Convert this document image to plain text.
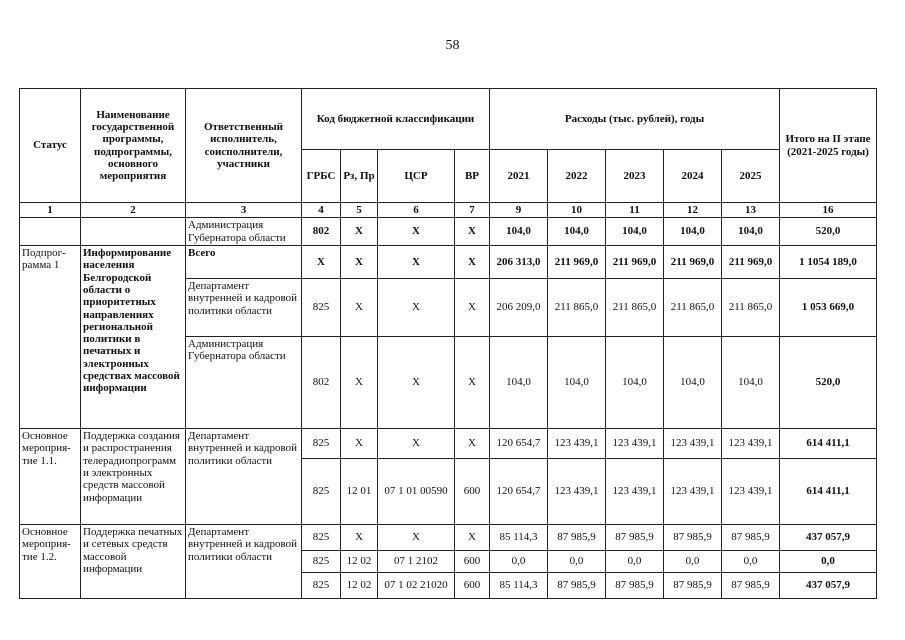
58
Статус	Наименование государственной программы, подпрограммы, основного мероприятия	Ответственный исполнитель, соисполнители, участники	Код бюджетной классификации				Расходы (тыс. рублей), годы					Итого на II этапе (2021-2025 годы)
			ГРБС	Рз, Пр	ЦСР	ВР	2021	2022	2023	2024	2025	
1	2	3	4	5	6	7	9	10	11	12	13	16
		Администрация Губернатора области	802	Х	Х	Х	104,0	104,0	104,0	104,0	104,0	520,0
Подпрог-рамма 1	Информирование населения Белгородской области о приоритетных направлениях региональной политики в печатных и электронных средствах массовой информации	Всего	Х	Х	Х	Х	206 313,0	211 969,0	211 969,0	211 969,0	211 969,0	1 1054 189,0
		Департамент внутренней и кадровой политики области	825	Х	Х	Х	206 209,0	211 865,0	211 865,0	211 865,0	211 865,0	1 053 669,0
		Администрация Губернатора области	802	Х	Х	Х	104,0	104,0	104,0	104,0	104,0	520,0
Основное мероприя-тие 1.1.	Поддержка создания и распространения телерадиопрограмм и электронных средств массовой информации	Департамент внутренней и кадровой политики области	825	Х	Х	Х	120 654,7	123 439,1	123 439,1	123 439,1	123 439,1	614 411,1
			825	12 01	07 1 01 00590	600	120 654,7	123 439,1	123 439,1	123 439,1	123 439,1	614 411,1
Основное мероприя-тие 1.2.	Поддержка печатных и сетевых средств массовой информации	Департамент внутренней и кадровой политики области	825	Х	Х	Х	85 114,3	87 985,9	87 985,9	87 985,9	87 985,9	437 057,9
			825	12 02	07 1 2102	600	0,0	0,0	0,0	0,0	0,0	0,0
			825	12 02	07 1 02 21020	600	85 114,3	87 985,9	87 985,9	87 985,9	87 985,9	437 057,9
